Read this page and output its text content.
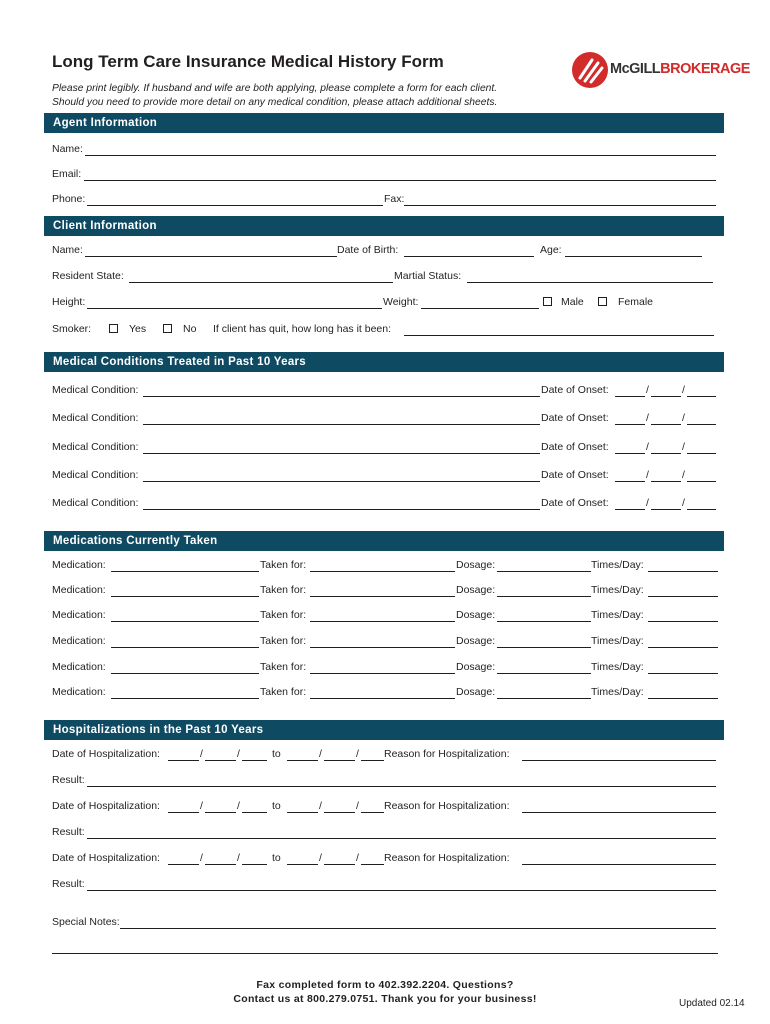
Long Term Care Insurance Medical History Form
Please print legibly. If husband and wife are both applying, please complete a form for each client.
Should you need to provide more detail on any medical condition, please attach additional sheets.
McGILLBROKERAGE
Agent Information
Name:
Email:
Phone:	Fax:
Client Information
Name:	Date of Birth:	Age:
Resident State:	Martial Status:
Height:	Weight:	Male	Female
Smoker:	Yes	No If client has quit, how long has it been:
Medical Conditions Treated in Past 10 Years
Medical Condition:	Date of Onset:	/	/
Medical Condition:	Date of Onset:	/	/
Medical Condition:	Date of Onset:	/	/
Medical Condition:	Date of Onset:	/	/
Medical Condition:	Date of Onset:	/	/
Medications Currently Taken
Medication:	Taken for:	Dosage:	Times/Day:
Medication:	Taken for:	Dosage:	Times/Day:
Medication:	Taken for:	Dosage:	Times/Day:
Medication:	Taken for:	Dosage:	Times/Day:
Medication:	Taken for:	Dosage:	Times/Day:
Medication:	Taken for:	Dosage:	Times/Day:
Hospitalizations in the Past 10 Years
Date of Hospitalization:	/	/	to	/	/ Reason for Hospitalization:
Result:
Date of Hospitalization:	/	/	to	/	/ Reason for Hospitalization:
Result:
Date of Hospitalization:	/	/	to	/	/ Reason for Hospitalization:
Result:
Special Notes:
Fax completed form to 402.392.2204. Questions?
Contact us at 800.279.0751. Thank you for your business!	Updated 02.14
